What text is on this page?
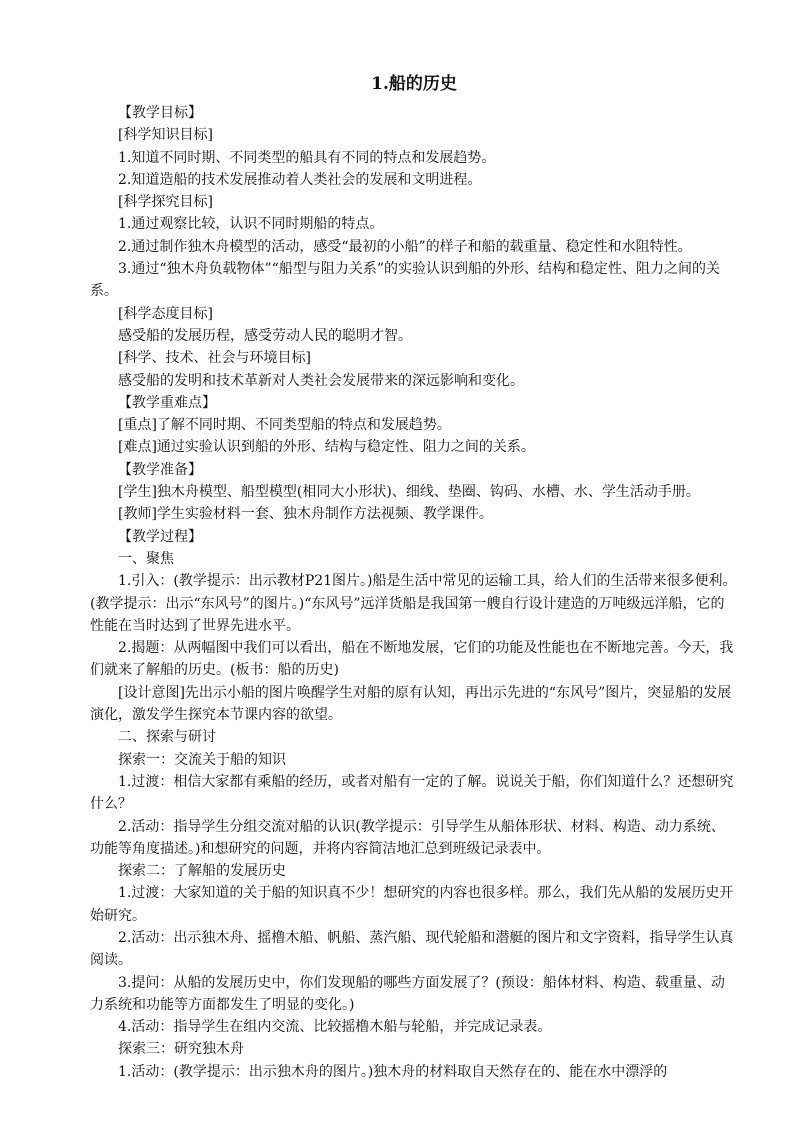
1.船的历史

【教学目标】

[科学知识目标]

1.知道不同时期、不同类型的船具有不同的特点和发展趋势。

2.知道造船的技术发展推动着人类社会的发展和文明进程。

[科学探究目标]

1.通过观察比较，认识不同时期船的特点。

2.通过制作独木舟模型的活动，感受“最初的小船”的样子和船的载重量、稳定性和水阻特性。

3.通过“独木舟负载物体”“船型与阻力关系”的实验认识到船的外形、结构和稳定性、阻力之间的关系。

[科学态度目标]

感受船的发展历程，感受劳动人民的聪明才智。

[科学、技术、社会与环境目标]

感受船的发明和技术革新对人类社会发展带来的深远影响和变化。

【教学重难点】

[重点]了解不同时期、不同类型船的特点和发展趋势。

[难点]通过实验认识到船的外形、结构与稳定性、阻力之间的关系。

【教学准备】

[学生]独木舟模型、船型模型(相同大小形状)、细线、垫圈、钩码、水槽、水、学生活动手册。

[教师]学生实验材料一套、独木舟制作方法视频、教学课件。

【教学过程】

一、聚焦

1.引入：(教学提示：出示教材P21图片。)船是生活中常见的运输工具，给人们的生活带来很多便利。(教学提示：出示“东风号”的图片。)“东风号”远洋货船是我国第一艘自行设计建造的万吨级远洋船，它的性能在当时达到了世界先进水平。

2.揭题：从两幅图中我们可以看出，船在不断地发展，它们的功能及性能也在不断地完善。今天，我们就来了解船的历史。(板书：船的历史)

[设计意图]先出示小船的图片唤醒学生对船的原有认知，再出示先进的“东风号”图片，突显船的发展演化，激发学生探究本节课内容的欲望。

二、探索与研讨

探索一：交流关于船的知识

1.过渡：相信大家都有乘船的经历，或者对船有一定的了解。说说关于船，你们知道什么？还想研究什么？

2.活动：指导学生分组交流对船的认识(教学提示：引导学生从船体形状、材料、构造、动力系统、功能等角度描述。)和想研究的问题，并将内容简洁地汇总到班级记录表中。

探索二：了解船的发展历史

1.过渡：大家知道的关于船的知识真不少！想研究的内容也很多样。那么，我们先从船的发展历史开始研究。

2.活动：出示独木舟、摇橹木船、帆船、蒸汽船、现代轮船和潜艇的图片和文字资料，指导学生认真阅读。

3.提问：从船的发展历史中，你们发现船的哪些方面发展了？(预设：船体材料、构造、载重量、动力系统和功能等方面都发生了明显的变化。)

4.活动：指导学生在组内交流、比较摇橹木船与轮船，并完成记录表。

探索三：研究独木舟

1.活动：(教学提示：出示独木舟的图片。)独木舟的材料取自天然存在的、能在水中漂浮的
